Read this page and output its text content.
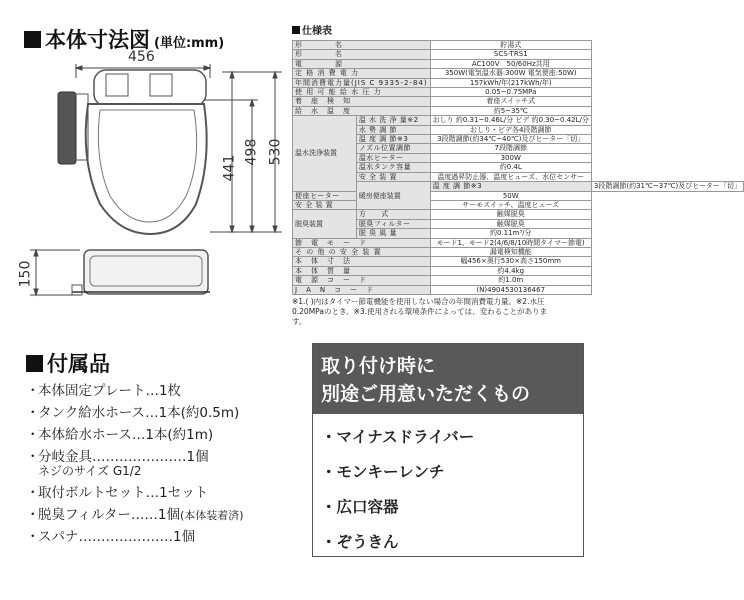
本体寸法図 (単位:mm)
456
441
498 530
150
仕様表
形　　　　名		貯湯式	
形　　　　名		SCS-TRS1	
電　　　　源		AC100V　50/60Hz共用	
定 格 消 費 電 力		350W(電気温水器:300W 電気便座:50W)	
年間消費電力量(JIS C 9335-2-84)		157kWh/年(217kWh/年)	
使 用 可 能 給 水 圧 力		0.05~0.75MPa	
着　座　検　知		着座スイッチ式	
給　水　温　度		約5~35℃	
温水洗浄装置	温 水 洗 浄 量※2	おしり 約0.31~0.46L/分 ビデ 約0.30~0.42L/分	
	水 勢 調 節	おしり・ビデ各4段階調節	
	温 度 調 節※3	3段階調節(約34℃~40℃)及びヒーター「切」	
	ノズル位置調節	7段階調節	
	温水ヒーター	300W	
	温水タンク容量	約0.4L	
	安 全 装 置	温度過昇防止器、温度ヒューズ、水位センサー	
	暖房便座装置	温 度 調 節※3	3段階調節(約31℃~37℃)及びヒーター「切」
便座ヒーター		50W	
安 全 装 置		サーモスイッチ、温度ヒューズ	
脱臭装置	方　　式	触媒脱臭	
	脱臭フィルター	触媒脱臭	
	脱 臭 風 量	約0.11m³/分	
節　電　モ　ー　ド		モード1、モード2(4/6/8/10時間タイマー節電)	
そ の 他 の 安 全 装 置		漏電検知機能	
本　体　寸　法		幅456×奥行530×高さ150mm	
本　体　質　量		約4.4kg	
電　源　コ　ー　ド		約1.0m	
J　A　N　コ　ー　ド		(N)4904530136467	
※1.( )内はタイマー節電機能を使用しない場合の年間消費電力量。※2.水圧0.20MPaのとき。※3.使用される環境条件によっては、変わることがあります。
付属品
・本体固定プレート…1枚
・タンク給水ホース…1本(約0.5m)
・本体給水ホース…1本(約1m)
・分岐金具…………………1個
ネジのサイズ G1/2
・取付ボルトセット…1セット
・脱臭フィルター……1個(本体装着済)
・スパナ…………………1個
取り付け時に
別途ご用意いただくもの
・マイナスドライバー
・モンキーレンチ
・広口容器
・ぞうきん
